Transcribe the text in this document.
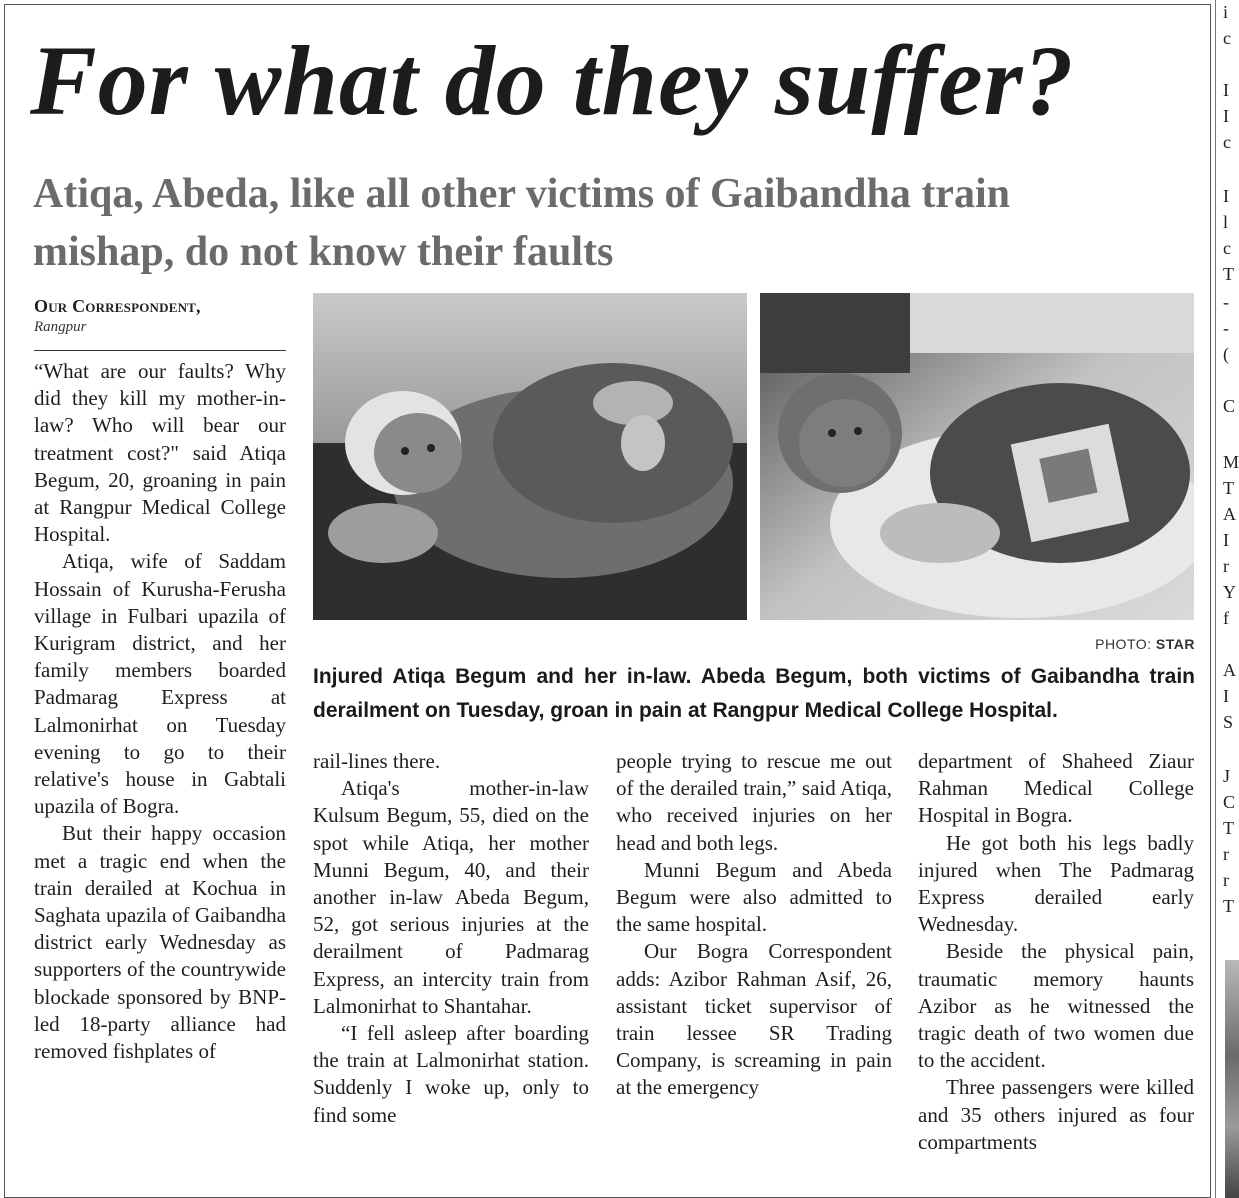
For what do they suffer?
Atiqa, Abeda, like all other victims of Gaibandha train mishap, do not know their faults
Our Correspondent,
Rangpur

“What are our faults? Why did they kill my mother-in-law? Who will bear our treatment cost?" said Atiqa Begum, 20, groaning in pain at Rangpur Medical College Hospital.

Atiqa, wife of Saddam Hossain of Kurusha-Ferusha village in Fulbari upazila of Kurigram district, and her family members boarded Padmarag Express at Lalmonirhat on Tuesday evening to go to their relative's house in Gabtali upazila of Bogra.

But their happy occasion met a tragic end when the train derailed at Kochua in Saghata upazila of Gaibandha district early Wednesday as supporters of the countrywide blockade sponsored by BNP-led 18-party alliance had removed fishplates of

PHOTO: STAR
Injured Atiqa Begum and her in-law. Abeda Begum, both victims of Gaibandha train derailment on Tuesday, groan in pain at Rangpur Medical College Hospital.

rail-lines there.

Atiqa's mother-in-law Kulsum Begum, 55, died on the spot while Atiqa, her mother Munni Begum, 40, and their another in-law Abeda Begum, 52, got serious injuries at the derailment of Padmarag Express, an intercity train from Lalmonirhat to Shantahar.

“I fell asleep after boarding the train at Lalmonirhat station. Suddenly I woke up, only to find some

people trying to rescue me out of the derailed train,” said Atiqa, who received injuries on her head and both legs.

Munni Begum and Abeda Begum were also admitted to the same hospital.

Our Bogra Correspondent adds: Azibor Rahman Asif, 26, assistant ticket supervisor of train lessee SR Trading Company, is screaming in pain at the emergency

department of Shaheed Ziaur Rahman Medical College Hospital in Bogra.

He got both his legs badly injured when The Padmarag Express derailed early Wednesday.

Beside the physical pain, traumatic memory haunts Azibor as he witnessed the tragic death of two women due to the accident.

Three passengers were killed and 35 others injured as four compartments

i
c
I
I
c
I
l
c
T
-
-
(
C
M
T
A
I
r
Y
f
A
I
S
J
C
T
r
r
T
